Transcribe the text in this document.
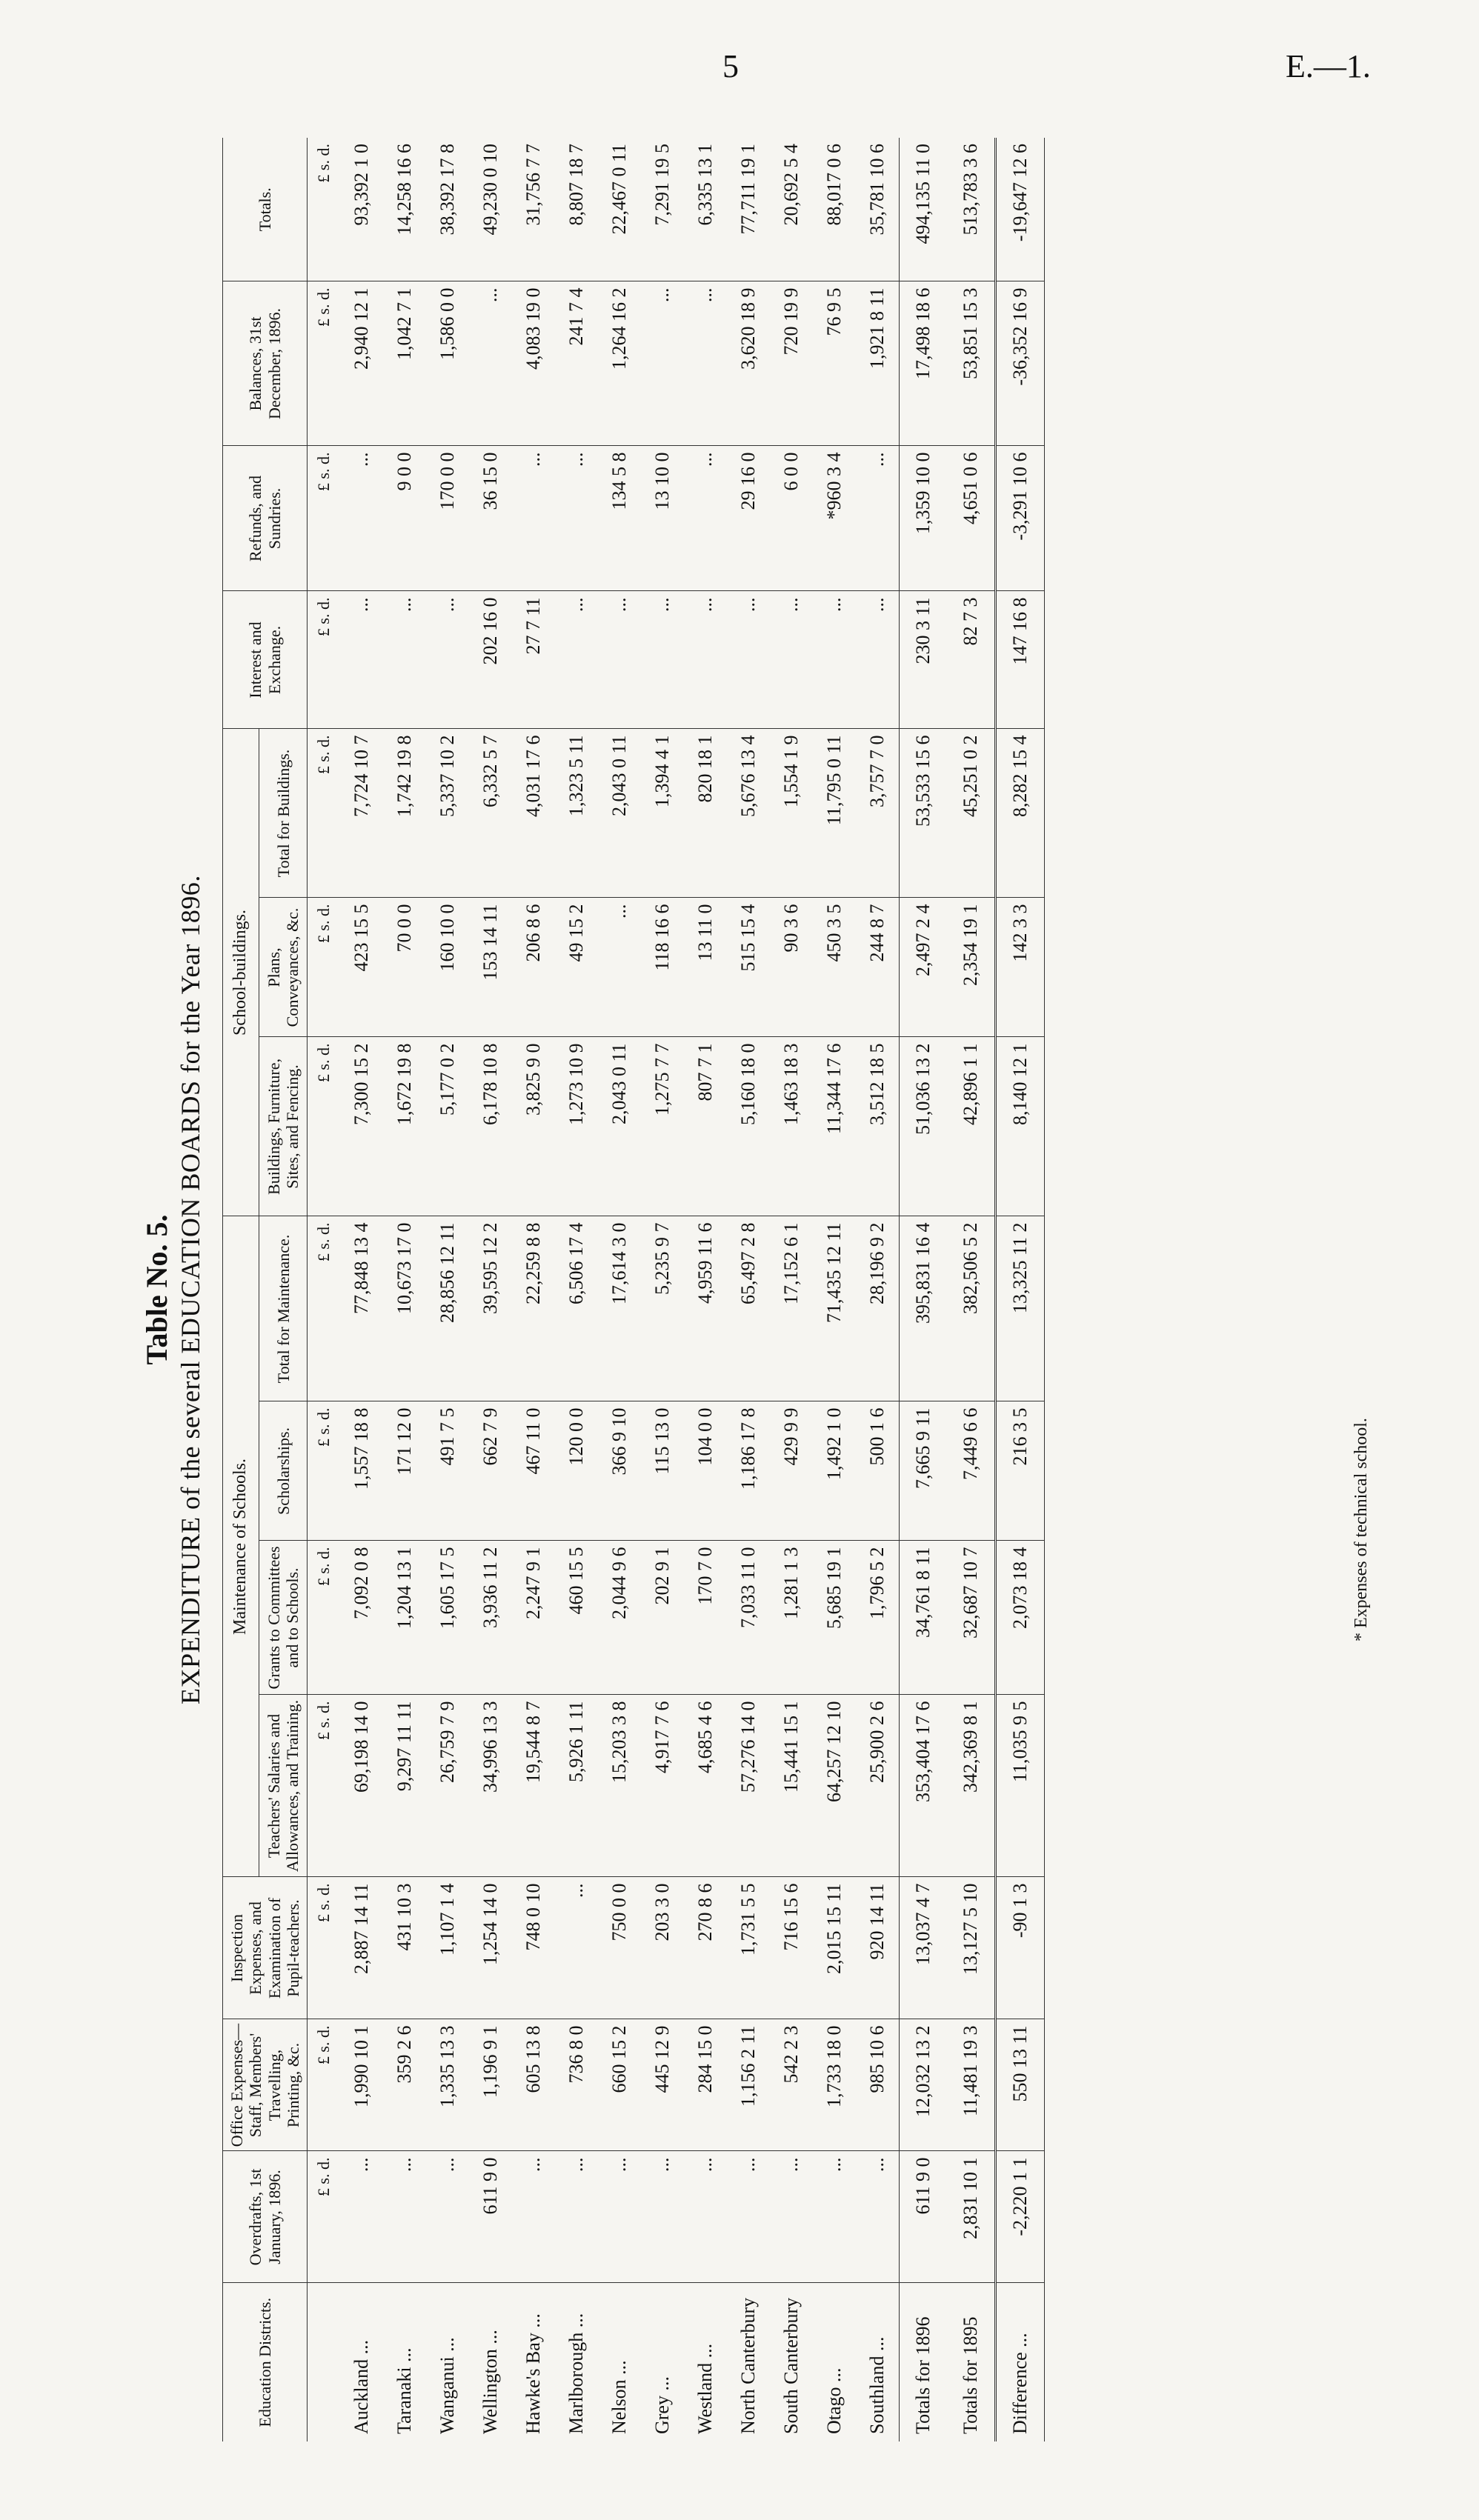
5	E.—1.
Table No. 5. EXPENDITURE of the several EDUCATION BOARDS for the Year 1896.
Education Districts.	Overdrafts, 1st January, 1896.	Office Expenses—Staff, Members' Travelling, Printing, &c.	Inspection Expenses, and Examination of Pupil-teachers.	Maintenance of Schools.				School-buildings.			Interest and Exchange.	Refunds, and Sundries.	Balances, 31st December, 1896.	Totals.
				Teachers' Salaries and Allowances, and Training.	Grants to Committees and to Schools.	Scholarships.	Total for Maintenance.	Buildings, Furniture, Sites, and Fencing.	Plans, Conveyances, &c.	Total for Buildings.				
	£ s. d.	£ s. d.	£ s. d.	£ s. d.	£ s. d.	£ s. d.	£ s. d.	£ s. d.	£ s. d.	£ s. d.	£ s. d.	£ s. d.	£ s. d.	£ s. d.
Auckland ...	...	1,990 10 1	2,887 14 11	69,198 14 0	7,092 0 8	1,557 18 8	77,848 13 4	7,300 15 2	423 15 5	7,724 10 7	...	...	2,940 12 1	93,392 1 0
Taranaki ...	...	359 2 6	431 10 3	9,297 11 11	1,204 13 1	171 12 0	10,673 17 0	1,672 19 8	70 0 0	1,742 19 8	...	9 0 0	1,042 7 1	14,258 16 6
Wanganui ...	...	1,335 13 3	1,107 1 4	26,759 7 9	1,605 17 5	491 7 5	28,856 12 11	5,177 0 2	160 10 0	5,337 10 2	...	170 0 0	1,586 0 0	38,392 17 8
Wellington ...	611 9 0	1,196 9 1	1,254 14 0	34,996 13 3	3,936 11 2	662 7 9	39,595 12 2	6,178 10 8	153 14 11	6,332 5 7	202 16 0	36 15 0	...	49,230 0 10
Hawke's Bay ...	...	605 13 8	748 0 10	19,544 8 7	2,247 9 1	467 11 0	22,259 8 8	3,825 9 0	206 8 6	4,031 17 6	27 7 11	...	4,083 19 0	31,756 7 7
Marlborough ...	...	736 8 0	...	5,926 1 11	460 15 5	120 0 0	6,506 17 4	1,273 10 9	49 15 2	1,323 5 11	...	...	241 7 4	8,807 18 7
Nelson ...	...	660 15 2	750 0 0	15,203 3 8	2,044 9 6	366 9 10	17,614 3 0	2,043 0 11	...	2,043 0 11	...	134 5 8	1,264 16 2	22,467 0 11
Grey ...	...	445 12 9	203 3 0	4,917 7 6	202 9 1	115 13 0	5,235 9 7	1,275 7 7	118 16 6	1,394 4 1	...	13 10 0	...	7,291 19 5
Westland ...	...	284 15 0	270 8 6	4,685 4 6	170 7 0	104 0 0	4,959 11 6	807 7 1	13 11 0	820 18 1	...	...	...	6,335 13 1
North Canterbury	...	1,156 2 11	1,731 5 5	57,276 14 0	7,033 11 0	1,186 17 8	65,497 2 8	5,160 18 0	515 15 4	5,676 13 4	...	29 16 0	3,620 18 9	77,711 19 1
South Canterbury	...	542 2 3	716 15 6	15,441 15 1	1,281 1 3	429 9 9	17,152 6 1	1,463 18 3	90 3 6	1,554 1 9	...	6 0 0	720 19 9	20,692 5 4
Otago ...	...	1,733 18 0	2,015 15 11	64,257 12 10	5,685 19 1	1,492 1 0	71,435 12 11	11,344 17 6	450 3 5	11,795 0 11	...	*960 3 4	76 9 5	88,017 0 6
Southland ...	...	985 10 6	920 14 11	25,900 2 6	1,796 5 2	500 1 6	28,196 9 2	3,512 18 5	244 8 7	3,757 7 0	...	...	1,921 8 11	35,781 10 6
Totals for 1896	611 9 0	12,032 13 2	13,037 4 7	353,404 17 6	34,761 8 11	7,665 9 11	395,831 16 4	51,036 13 2	2,497 2 4	53,533 15 6	230 3 11	1,359 10 0	17,498 18 6	494,135 11 0
Totals for 1895	2,831 10 1	11,481 19 3	13,127 5 10	342,369 8 1	32,687 10 7	7,449 6 6	382,506 5 2	42,896 1 1	2,354 19 1	45,251 0 2	82 7 3	4,651 0 6	53,851 15 3	513,783 3 6
Difference ...	-2,220 1 1	550 13 11	-90 1 3	11,035 9 5	2,073 18 4	216 3 5	13,325 11 2	8,140 12 1	142 3 3	8,282 15 4	147 16 8	-3,291 10 6	-36,352 16 9	-19,647 12 6
* Expenses of technical school.
